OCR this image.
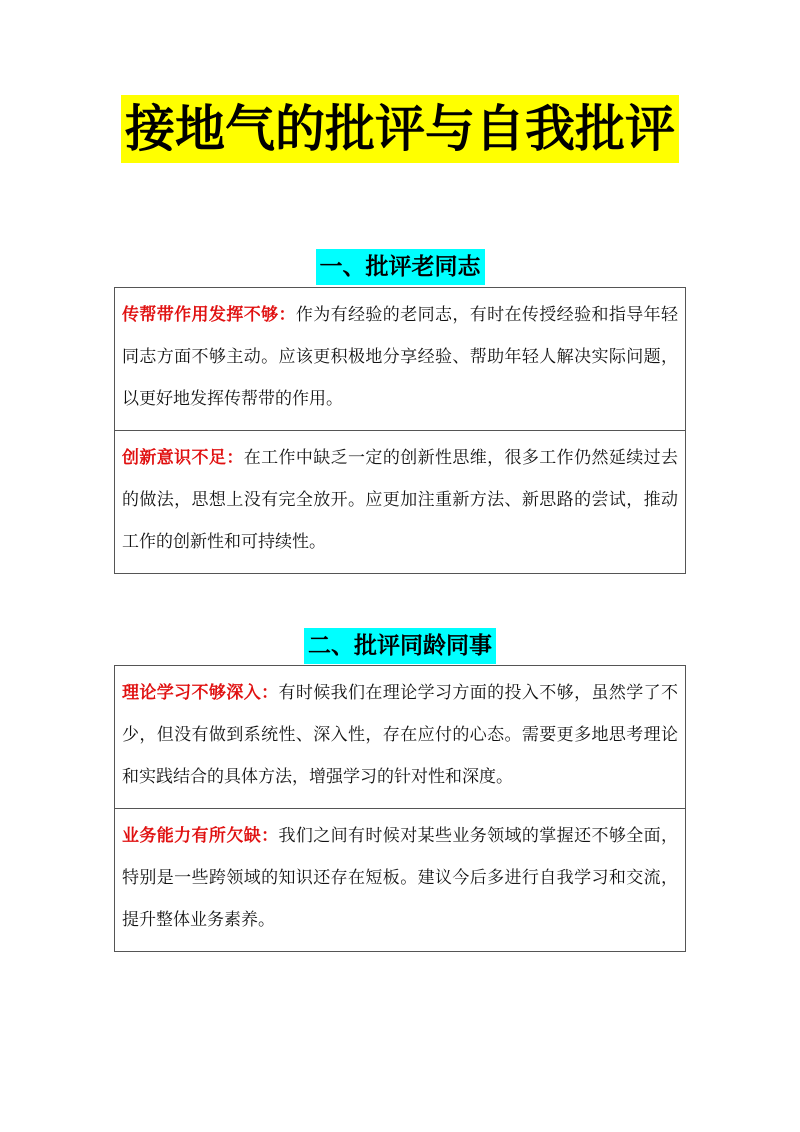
接地气的批评与自我批评
一、批评老同志
传帮带作用发挥不够：作为有经验的老同志，有时在传授经验和指导年轻同志方面不够主动。应该更积极地分享经验、帮助年轻人解决实际问题，以更好地发挥传帮带的作用。
创新意识不足：在工作中缺乏一定的创新性思维，很多工作仍然延续过去的做法，思想上没有完全放开。应更加注重新方法、新思路的尝试，推动工作的创新性和可持续性。
二、批评同龄同事
理论学习不够深入：有时候我们在理论学习方面的投入不够，虽然学了不少，但没有做到系统性、深入性，存在应付的心态。需要更多地思考理论和实践结合的具体方法，增强学习的针对性和深度。
业务能力有所欠缺：我们之间有时候对某些业务领域的掌握还不够全面，特别是一些跨领域的知识还存在短板。建议今后多进行自我学习和交流，提升整体业务素养。
